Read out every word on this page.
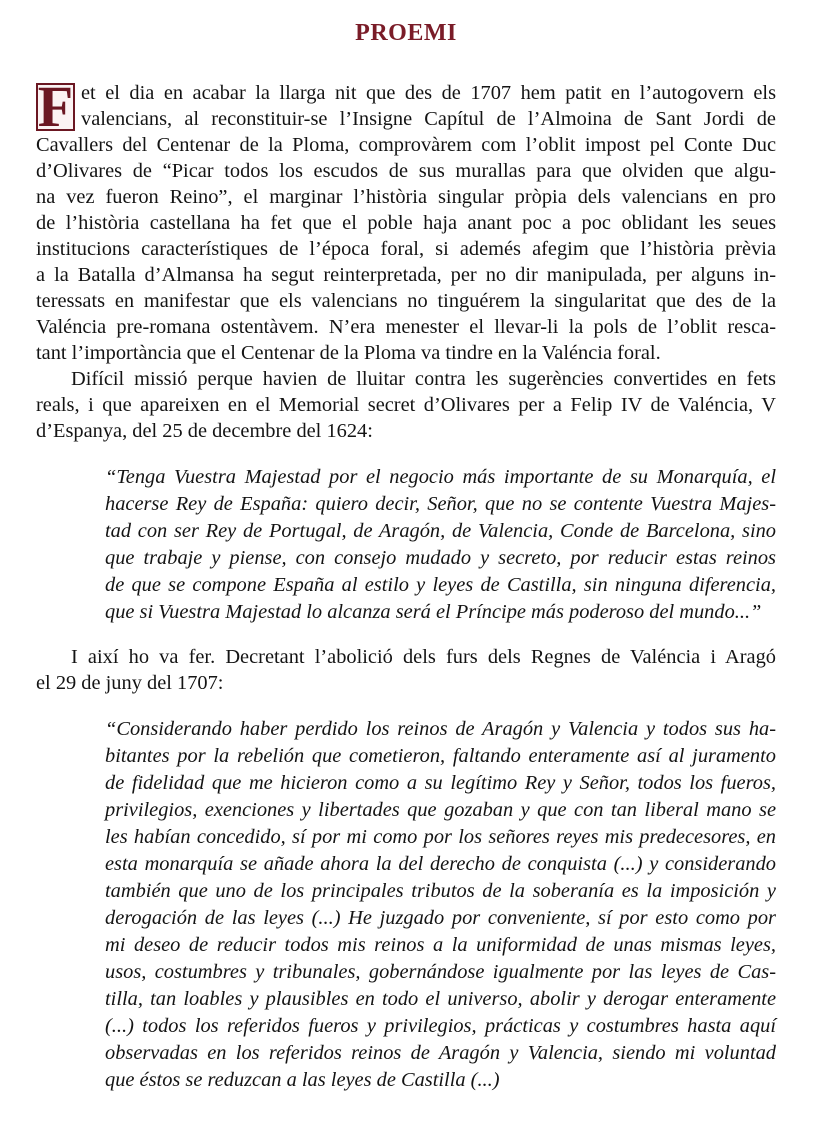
PROEMI
F et el dia en acabar la llarga nit que des de 1707 hem patit en l’autogovern els
valencians, al reconstituir-se l’Insigne Capítul de l’Almoina de Sant Jordi de
Cavallers del Centenar de la Ploma, comprovàrem com l’oblit impost pel Conte Duc
d’Olivares de “Picar todos los escudos de sus murallas para que olviden que algu-
na vez fueron Reino”, el marginar l’història singular pròpia dels valencians en pro
de l’història castellana ha fet que el poble haja anant poc a poc oblidant les seues
institucions característiques de l’época foral, si ademés afegim que l’història prèvia
a la Batalla d’Almansa ha segut reinterpretada, per no dir manipulada, per alguns in-
teressats en manifestar que els valencians no tinguérem la singularitat que des de la
Valéncia pre-romana ostentàvem. N’era menester el llevar-li la pols de l’oblit rescа-
tant l’importància que el Centenar de la Ploma va tindre en la Valéncia foral.
Difícil missió perque havien de lluitar contra les sugerències convertides en fets
reals, i que apareixen en el Memorial secret d’Olivares per a Felip IV de Valéncia, V
d’Espanya, del 25 de decembre del 1624:
“Tenga Vuestra Majestad por el negocio más importante de su Monarquía, el
hacerse Rey de España: quiero decir, Señor, que no se contente Vuestra Majes-
tad con ser Rey de Portugal, de Aragón, de Valencia, Conde de Barcelona, sino
que trabaje y piense, con consejo mudado y secreto, por reducir estas reinos
de que se compone España al estilo y leyes de Castilla, sin ninguna diferencia,
que si Vuestra Majestad lo alcanza será el Príncipe más poderoso del mundo...”
I així ho va fer. Decretant l’abolició dels furs dels Regnes de Valéncia i Aragó
el 29 de juny del 1707:
“Considerando haber perdido los reinos de Aragón y Valencia y todos sus ha-
bitantes por la rebelión que cometieron, faltando enteramente así al juramento
de fidelidad que me hicieron como a su legítimo Rey y Señor, todos los fueros,
privilegios, exenciones y libertades que gozaban y que con tan liberal mano se
les habían concedido, sí por mi como por los señores reyes mis predecesores, en
esta monarquía se añade ahora la del derecho de conquista (...) y considerando
también que uno de los principales tributos de la soberanía es la imposición y
derogación de las leyes (...) He juzgado por conveniente, sí por esto como por
mi deseo de reducir todos mis reinos a la uniformidad de unas mismas leyes,
usos, costumbres y tribunales, gobernándose igualmente por las leyes de Cas-
tilla, tan loables y plausibles en todo el universo, abolir y derogar enteramente
(...) todos los referidos fueros y privilegios, prácticas y costumbres hasta aquí
observadas en los referidos reinos de Aragón y Valencia, siendo mi voluntad
que éstos se reduzcan a las leyes de Castilla (...)
